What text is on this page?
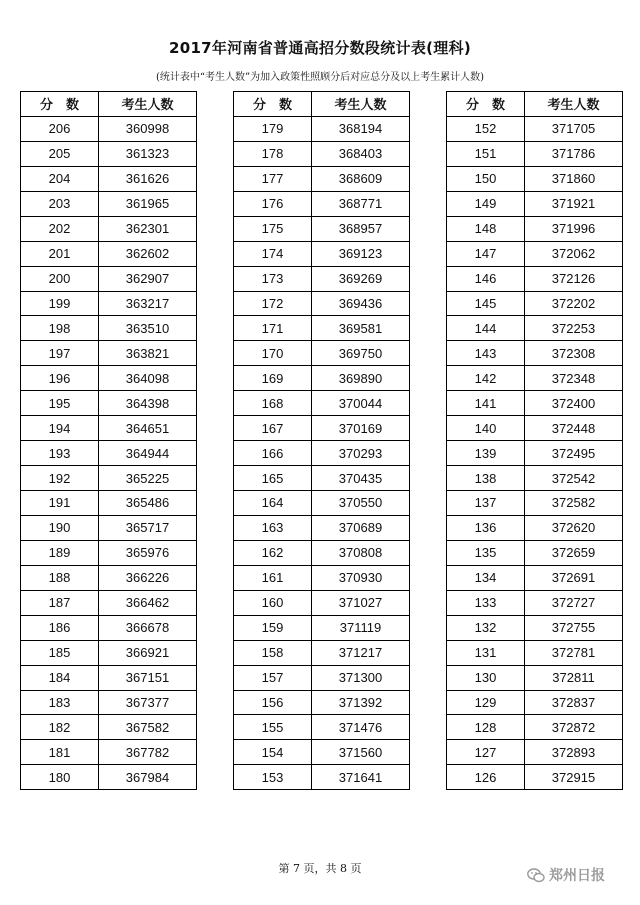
2017年河南省普通高招分数段统计表(理科)
(统计表中“考生人数”为加入政策性照顾分后对应总分及以上考生累计人数)
分　数	考生人数
206	360998
205	361323
204	361626
203	361965
202	362301
201	362602
200	362907
199	363217
198	363510
197	363821
196	364098
195	364398
194	364651
193	364944
192	365225
191	365486
190	365717
189	365976
188	366226
187	366462
186	366678
185	366921
184	367151
183	367377
182	367582
181	367782
180	367984
分　数	考生人数
179	368194
178	368403
177	368609
176	368771
175	368957
174	369123
173	369269
172	369436
171	369581
170	369750
169	369890
168	370044
167	370169
166	370293
165	370435
164	370550
163	370689
162	370808
161	370930
160	371027
159	371119
158	371217
157	371300
156	371392
155	371476
154	371560
153	371641
分　数	考生人数
152	371705
151	371786
150	371860
149	371921
148	371996
147	372062
146	372126
145	372202
144	372253
143	372308
142	372348
141	372400
140	372448
139	372495
138	372542
137	372582
136	372620
135	372659
134	372691
133	372727
132	372755
131	372781
130	372811
129	372837
128	372872
127	372893
126	372915
第 7 页，共 8 页	郑州日报
